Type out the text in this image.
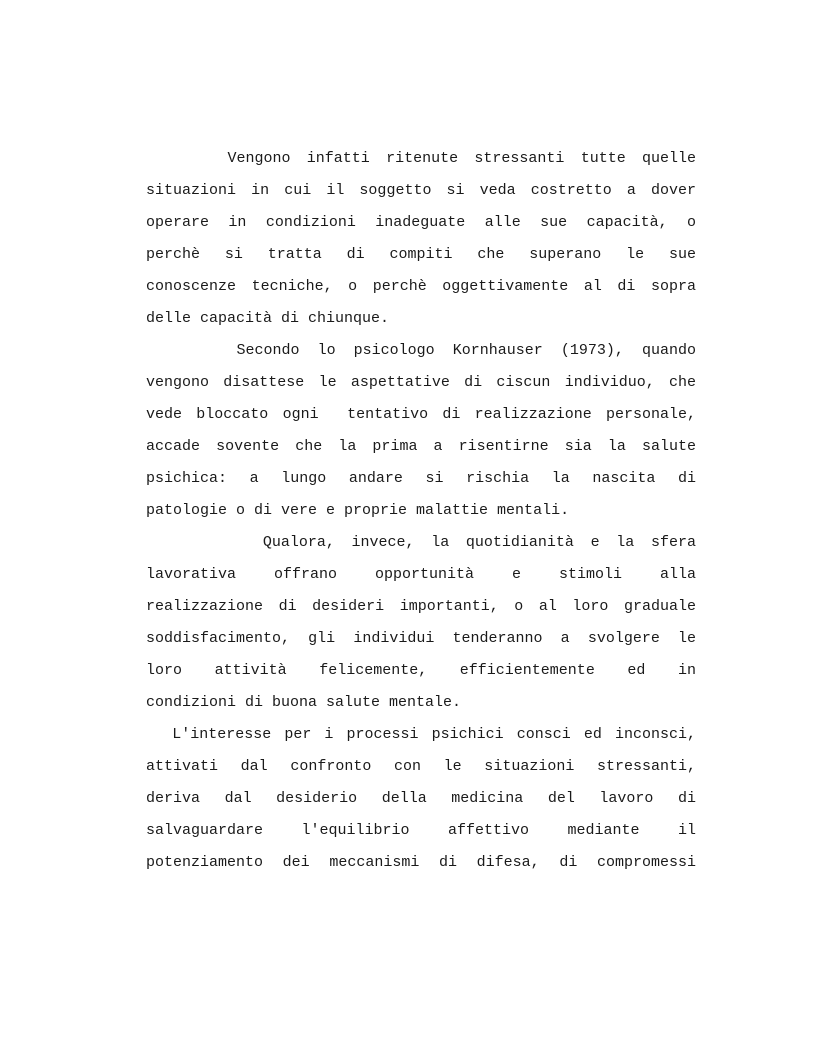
Vengono infatti ritenute stressanti tutte quelle
situazioni in cui il soggetto si veda costretto a dover
operare in condizioni inadeguate alle sue capacità, o
perchè si tratta di compiti che superano le sue
conoscenze tecniche, o perchè oggettivamente al di sopra
delle capacità di chiunque.
Secondo lo psicologo Kornhauser (1973), quando
vengono disattese le aspettative di ciscun individuo, che
vede bloccato ogni  tentativo di realizzazione personale,
accade sovente che la prima a risentirne sia la salute
psichica: a lungo andare si rischia la nascita di
patologie o di vere e proprie malattie mentali.
Qualora, invece, la quotidianità e la sfera
lavorativa offrano opportunità e stimoli alla
realizzazione di desideri importanti, o al loro graduale
soddisfacimento, gli individui tenderanno a svolgere le
loro attività felicemente, efficientemente ed in
condizioni di buona salute mentale.
L'interesse per i processi psichici consci ed inconsci,
attivati dal confronto con le situazioni stressanti,
deriva dal desiderio della medicina del lavoro di
salvaguardare l'equilibrio affettivo mediante il
potenziamento dei meccanismi di difesa, di compromessi
